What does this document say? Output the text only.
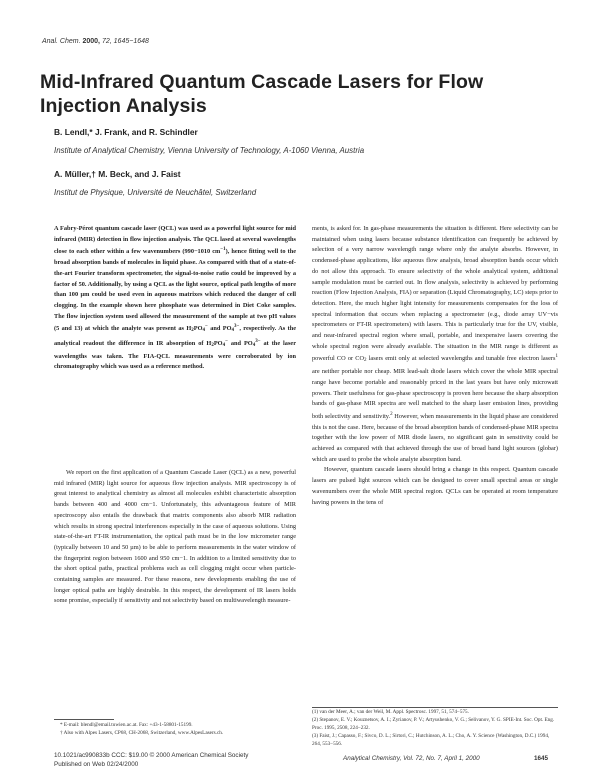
Anal. Chem. 2000, 72, 1645−1648
Mid-Infrared Quantum Cascade Lasers for Flow Injection Analysis
B. Lendl,* J. Frank, and R. Schindler
Institute of Analytical Chemistry, Vienna University of Technology, A-1060 Vienna, Austria
A. Müller,† M. Beck, and J. Faist
Institut de Physique, Université de Neuchâtel, Switzerland

A Fabry-Pérot quantum cascade laser (QCL) was used as a powerful light source for mid infrared (MIR) detection in flow injection analysis. The QCL lased at several wavelengths close to each other within a few wavenumbers (990−1010 $cm^{-1}$), hence fitting well to the broad absorption bands of molecules in liquid phase. As compared with that of a state-of-the-art Fourier transform spectrometer, the signal-to-noise ratio could be improved by a factor of 50. Additionally, by using a QCL as the light source, optical path lengths of more than 100 µm could be used even in aqueous matrixes which reduced the danger of cell clogging. In the example shown here phosphate was determined in Diet Coke samples. The flow injection system used allowed the measurement of the sample at two pH values (5 and 13) at which the analyte was present as $H_2PO_4^-$ and $PO_4^{3-}$, respectively. As the analytical readout the difference in IR absorption of $H_2PO_4^-$ and $PO_4^{3-}$ at the laser wavelengths was taken. The FIA-QCL measurements were corroborated by ion chromatography which was used as a reference method.

We report on the first application of a Quantum Cascade Laser (QCL) as a new, powerful mid infrared (MIR) light source for aqueous flow injection analysis. MIR spectroscopy is of great interest to analytical chemistry as almost all molecules exhibit characteristic absorption bands between 400 and 4000 cm−1. Unfortunately, this advantageous feature of MIR spectroscopy also entails the drawback that matrix components also absorb MIR radiation which results in strong spectral interferences especially in the case of aqueous solutions. Using state-of-the-art FT-IR instrumentation, the optical path must be in the low micrometer range (typically between 10 and 50 µm) to be able to perform measurements in the water window of the fingerprint region between 1600 and 950 cm−1. In addition to a limited sensitivity due to the short optical paths, practical problems such as cell clogging might occur when particle-containing samples are measured. For these reasons, new developments enabling the use of longer optical paths are highly desirable. In this respect, the development of IR lasers holds some promise, especially if sensitivity and not selectivity based on multiwavelength measure-

* E-mail: blendl@email.tuwien.ac.at. Fax: +43-1-58801-15199.
† Also with Alpes Lasers, CP68, CH-2068, Switzerland, www.AlpesLasers.ch.

ments, is asked for. In gas-phase measurements the situation is different. Here selectivity can be maintained when using lasers because substance identification can frequently be achieved by selection of a very narrow wavelength range where only the analyte absorbs. However, in condensed-phase applications, like aqueous flow analysis, broad absorption bands occur which do not allow this approach. To ensure selectivity of the whole analytical system, additional sample modulation must be carried out. In flow analysis, selectivity is achieved by performing reaction (Flow Injection Analysis, FIA) or separation (Liquid Chromatography, LC) steps prior to detection. Here, the much higher light intensity for measurements compensates for the loss of spectral information that occurs when replacing a spectrometer (e.g., diode array UV−vis spectrometers or FT-IR spectrometers) with lasers. This is particularly true for the UV, visible, and near-infrared spectral region where small, portable, and inexpensive lasers covering the whole spectral region were already available. The situation in the MIR range is different as powerful CO or $CO_2$ lasers emit only at selected wavelengths and tunable free electron lasers$^1$ are neither portable nor cheap. MIR lead-salt diode lasers which cover the whole MIR spectral range have become portable and reasonably priced in the last years but have only microwatt powers. Their usefulness for gas-phase spectroscopy is proven here because the sharp absorption bands of gas-phase MIR spectra are well matched to the sharp laser emission lines, providing both selectivity and sensitivity.$^2$ However, when measurements in the liquid phase are considered this is not the case. Here, because of the broad absorption bands of condensed-phase MIR spectra together with the low power of MIR diode lasers, no significant gain in sensitivity could be achieved as compared with that achieved through the use of broad band light sources (globar) which are used to probe the whole analyte absorption band.

However, quantum cascade lasers should bring a change in this respect. Quantum cascade lasers are pulsed light sources which can be designed to cover small spectral areas or single wavenumbers over the whole MIR spectral region. QCLs can be operated at room temperature having powers in the tens of

(1) van der Meer, A.; van der Weil, M. Appl. Spectrosc. 1997, 51, 574−575.
(2) Stepanov, E. V.; Kouznetsov, A. I.; Zyrianov, P. V.; Artyushenko, V. G.; Selivanov, Y. G. SPIE-Int. Soc. Opt. Eng. Proc. 1995, 2508, 224−232.
(3) Faist, J.; Capasso, F.; Sivco, D. L.; Sirtori, C.; Hutchinson, A. L.; Cho, A. Y. Science (Washington, D.C.) 1994, 264, 553−556.
10.1021/ac990833b CCC: $19.00 © 2000 American Chemical Society
Published on Web 02/24/2000
Analytical Chemistry, Vol. 72, No. 7, April 1, 2000	1645
